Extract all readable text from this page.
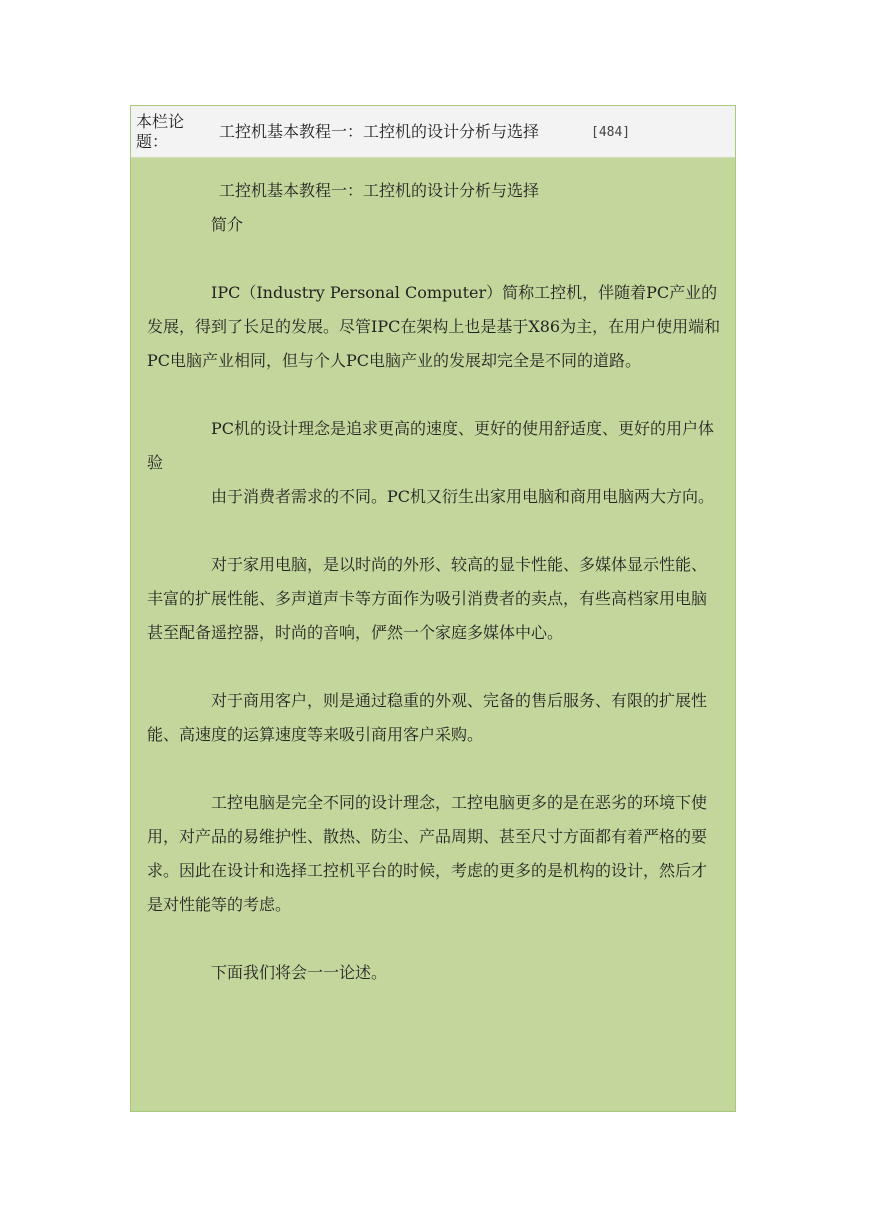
本栏论题：
工控机基本教程一：工控机的设计分析与选择	[484]

工控机基本教程一：工控机的设计分析与选择

简介

IPC（Industry Personal Computer）简称工控机，伴随着PC产业的发展，得到了长足的发展。尽管IPC在架构上也是基于X86为主，在用户使用端和PC电脑产业相同，但与个人PC电脑产业的发展却完全是不同的道路。

PC机的设计理念是追求更高的速度、更好的使用舒适度、更好的用户体验

由于消费者需求的不同。PC机又衍生出家用电脑和商用电脑两大方向。

对于家用电脑，是以时尚的外形、较高的显卡性能、多媒体显示性能、丰富的扩展性能、多声道声卡等方面作为吸引消费者的卖点，有些高档家用电脑甚至配备遥控器，时尚的音响，俨然一个家庭多媒体中心。

对于商用客户，则是通过稳重的外观、完备的售后服务、有限的扩展性能、高速度的运算速度等来吸引商用客户采购。

工控电脑是完全不同的设计理念，工控电脑更多的是在恶劣的环境下使用，对产品的易维护性、散热、防尘、产品周期、甚至尺寸方面都有着严格的要求。因此在设计和选择工控机平台的时候，考虑的更多的是机构的设计，然后才是对性能等的考虑。

下面我们将会一一论述。
